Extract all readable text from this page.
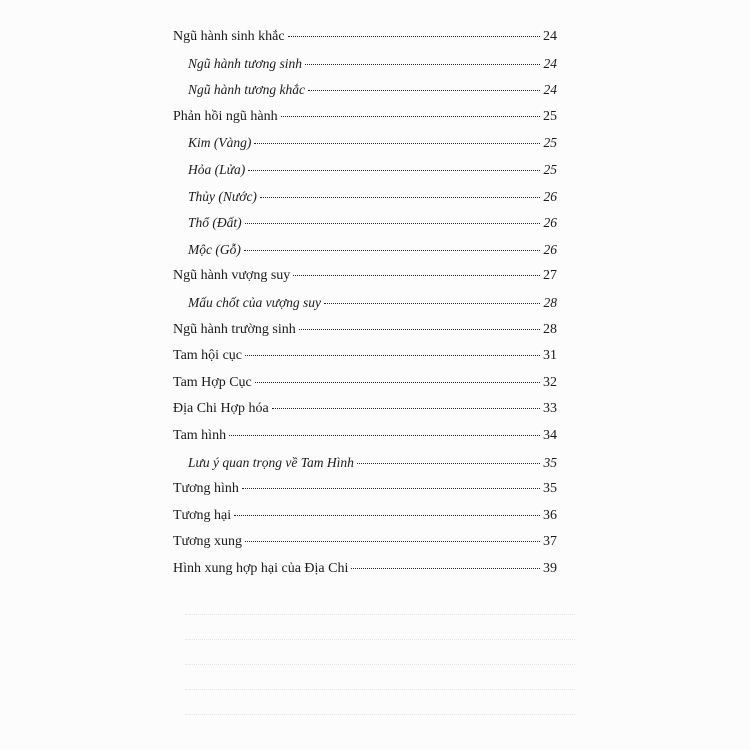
Ngũ hành sinh khắc	24
Ngũ hành tương sinh	24
Ngũ hành tương khắc	24
Phản hồi ngũ hành	25
Kim (Vàng)	25
Hỏa (Lửa)	25
Thủy (Nước)	26
Thổ (Đất)	26
Mộc (Gỗ)	26
Ngũ hành vượng suy	27
Mấu chốt của vượng suy	28
Ngũ hành trường sinh	28
Tam hội cục	31
Tam Hợp Cục	32
Địa Chi Hợp hóa	33
Tam hình	34
Lưu ý quan trọng về Tam Hình	35
Tương hình	35
Tương hại	36
Tương xung	37
Hình xung hợp hại của Địa Chi	39
